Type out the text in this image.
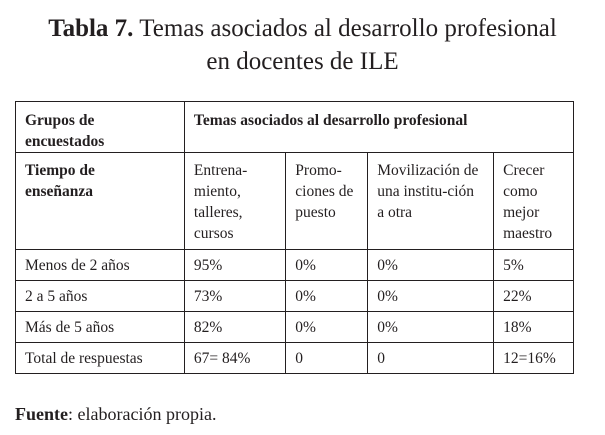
Tabla 7. Temas asociados al desarrollo profesional
en docentes de ILE
Grupos de encuestados	Temas asociados al desarrollo profesional			

Tiempo de enseñanza	Entrena-miento, talleres, cursos	Promo-ciones de puesto	Movilización de una institu-ción a otra	Crecer como mejor maestro

Menos de 2 años	95%	0%	0%	5%

2 a 5 años	73%	0%	0%	22%

Más de 5 años	82%	0%	0%	18%

Total de respuestas	67= 84%	0	0	12=16%
Fuente: elaboración propia.
